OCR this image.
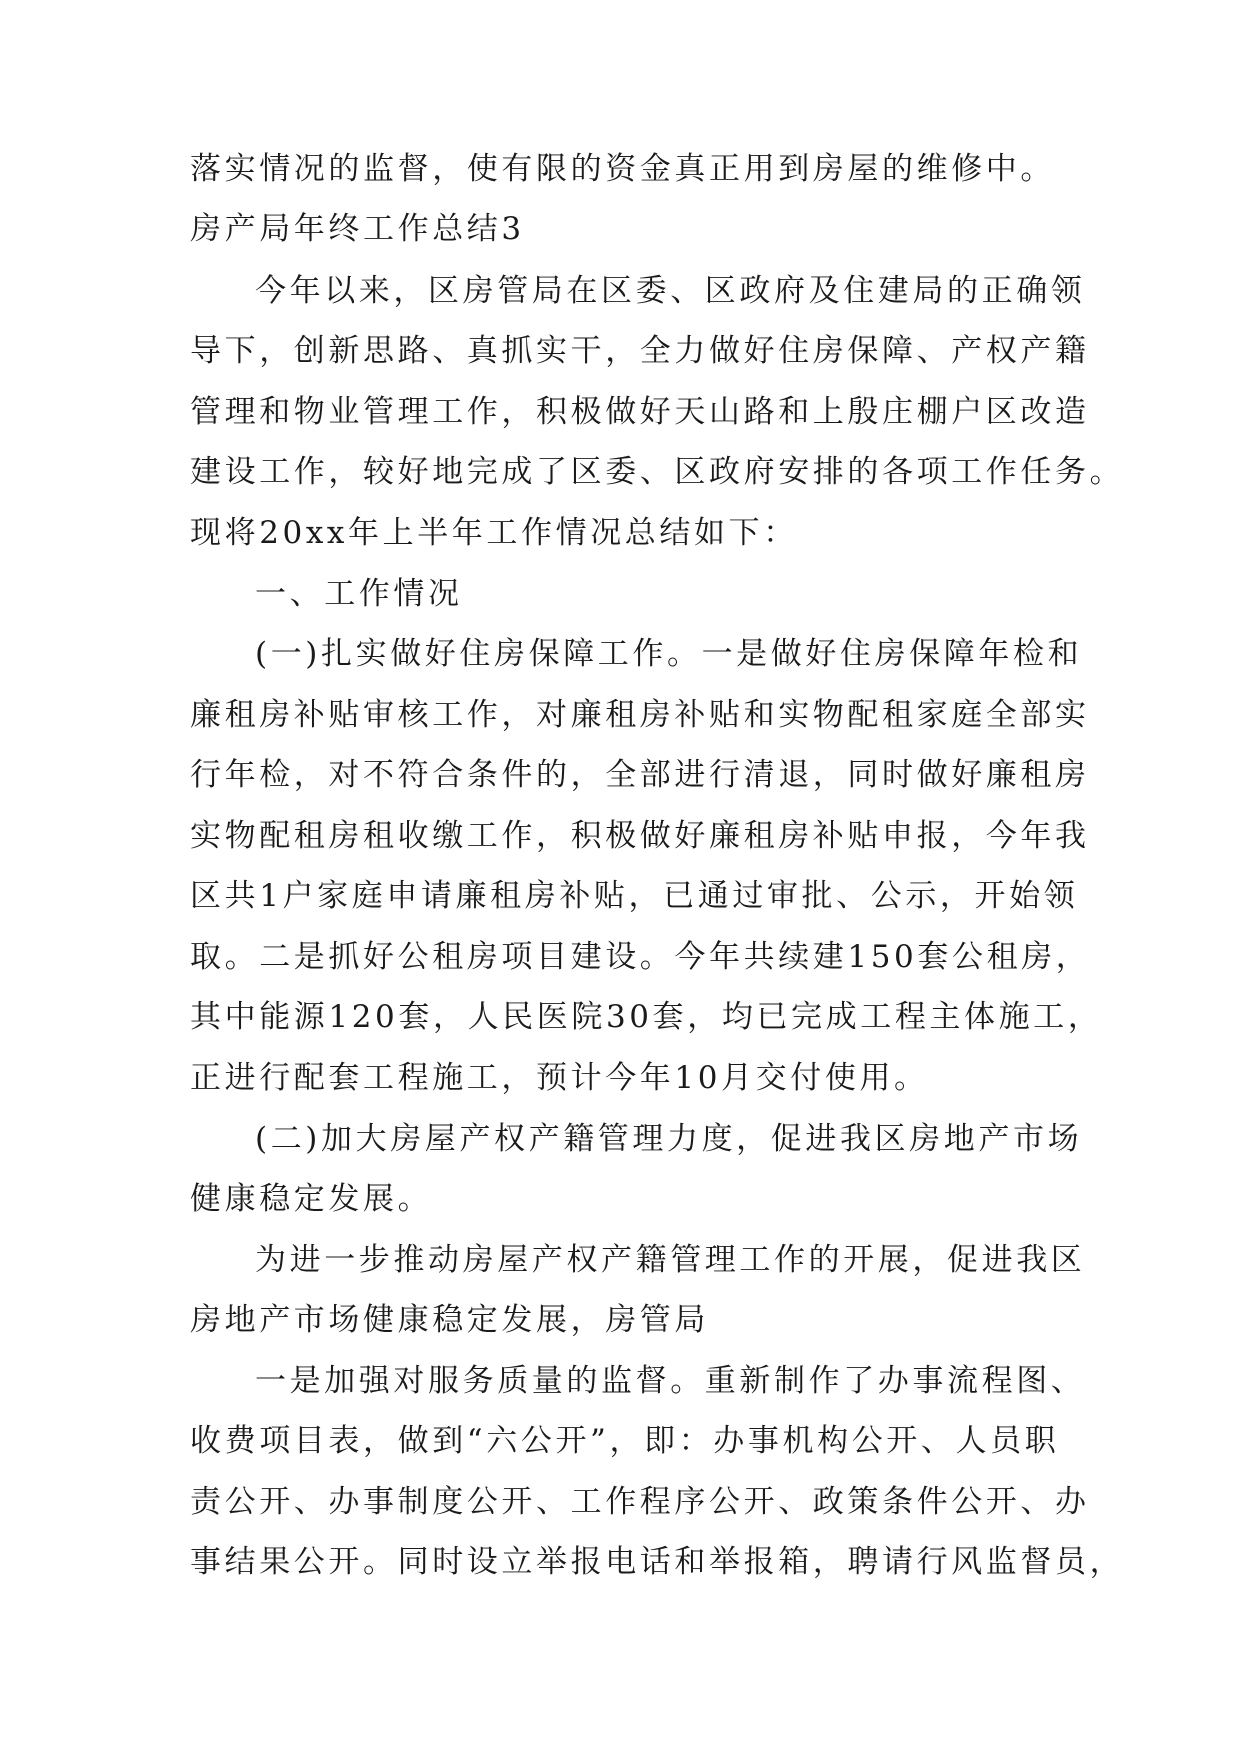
落实情况的监督，使有限的资金真正用到房屋的维修中。
房产局年终工作总结3
今年以来，区房管局在区委、区政府及住建局的正确领
导下，创新思路、真抓实干，全力做好住房保障、产权产籍
管理和物业管理工作，积极做好天山路和上殷庄棚户区改造
建设工作，较好地完成了区委、区政府安排的各项工作任务。
现将20xx年上半年工作情况总结如下：
一、工作情况
(一)扎实做好住房保障工作。一是做好住房保障年检和
廉租房补贴审核工作，对廉租房补贴和实物配租家庭全部实
行年检，对不符合条件的，全部进行清退，同时做好廉租房
实物配租房租收缴工作，积极做好廉租房补贴申报，今年我
区共1户家庭申请廉租房补贴，已通过审批、公示，开始领
取。二是抓好公租房项目建设。今年共续建150套公租房，
其中能源120套，人民医院30套，均已完成工程主体施工，
正进行配套工程施工，预计今年10月交付使用。
(二)加大房屋产权产籍管理力度，促进我区房地产市场
健康稳定发展。
为进一步推动房屋产权产籍管理工作的开展，促进我区
房地产市场健康稳定发展，房管局
一是加强对服务质量的监督。重新制作了办事流程图、
收费项目表，做到“六公开”，即：办事机构公开、人员职
责公开、办事制度公开、工作程序公开、政策条件公开、办
事结果公开。同时设立举报电话和举报箱，聘请行风监督员，
